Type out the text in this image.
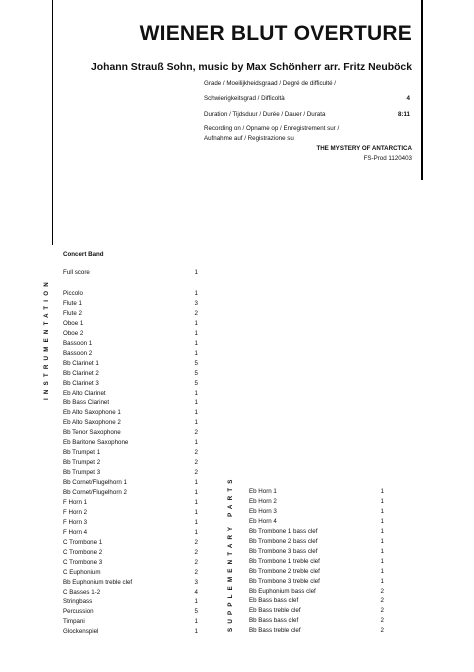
WIENER BLUT OVERTURE
Johann Strauß Sohn, music by Max Schönherr arr. Fritz Neuböck
Grade / Moeilijkheidsgraad / Degré de difficulté /
Schwierigkeitsgrad / Difficoltà	4
Duration / Tijdsduur / Durée / Dauer / Durata	8:11
Recording on / Opname op / Enregistrement sur /
Aufnahme auf / Registrazione su
THE MYSTERY OF ANTARCTICA
FS-Prod 1120403
INSTRUMENTATION
SUPPLEMENTARY PARTS
Concert Band
Full score	1
Piccolo	1
Flute 1	3
Flute 2	2
Oboe 1	1
Oboe 2	1
Bassoon 1	1
Bassoon 2	1
Bb Clarinet 1	5
Bb Clarinet 2	5
Bb Clarinet 3	5
Eb Alto Clarinet	1
Bb Bass Clarinet	1
Eb Alto Saxophone 1	1
Eb Alto Saxophone 2	1
Bb Tenor Saxophone	2
Eb Baritone Saxophone	1
Bb Trumpet 1	2
Bb Trumpet 2	2
Bb Trumpet 3	2
Bb Cornet/Flugelhorn 1	1
Bb Cornet/Flugelhorn 2	1
F Horn 1	1
F Horn 2	1
F Horn 3	1
F Horn 4	1
C Trombone 1	2
C Trombone 2	2
C Trombone 3	2
C Euphonium	2
Bb Euphonium treble clef	3
C Basses 1-2	4
Stringbass	1
Percussion	5
Timpani	1
Glockenspiel	1
Eb Horn 1	1
Eb Horn 2	1
Eb Horn 3	1
Eb Horn 4	1
Bb Trombone 1 bass clef	1
Bb Trombone 2 bass clef	1
Bb Trombone 3 bass clef	1
Bb Trombone 1 treble clef	1
Bb Trombone 2 treble clef	1
Bb Trombone 3 treble clef	1
Bb Euphonium bass clef	2
Eb Bass bass clef	2
Eb Bass treble clef	2
Bb Bass bass clef	2
Bb Bass treble clef	2
